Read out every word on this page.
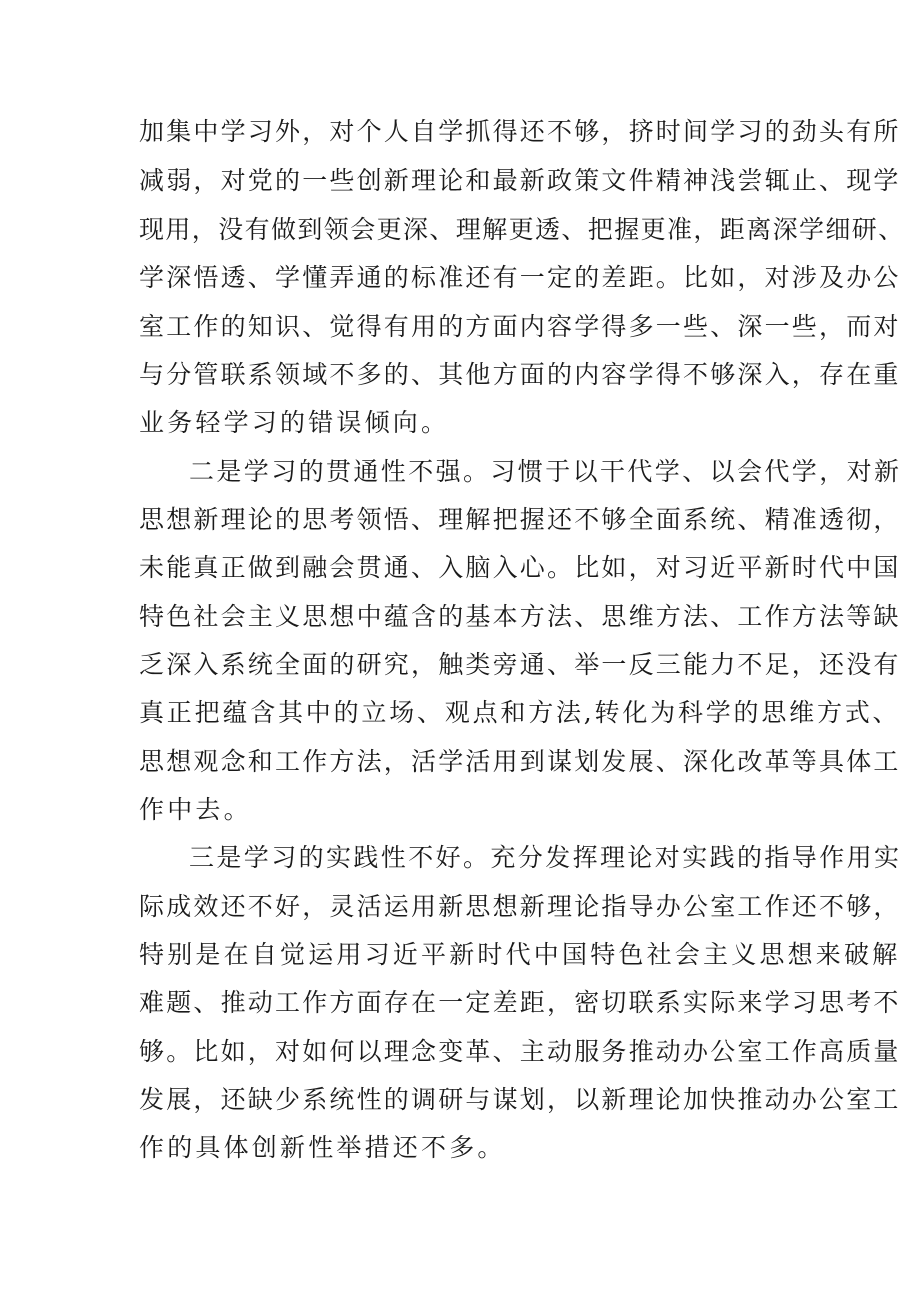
加集中学习外，对个人自学抓得还不够，挤时间学习的劲头有所

减弱，对党的一些创新理论和最新政策文件精神浅尝辄止、现学

现用，没有做到领会更深、理解更透、把握更准，距离深学细研、

学深悟透、学懂弄通的标准还有一定的差距。比如，对涉及办公

室工作的知识、觉得有用的方面内容学得多一些、深一些，而对

与分管联系领域不多的、其他方面的内容学得不够深入，存在重

业务轻学习的错误倾向。

二是学习的贯通性不强。习惯于以干代学、以会代学，对新

思想新理论的思考领悟、理解把握还不够全面系统、精准透彻，

未能真正做到融会贯通、入脑入心。比如，对习近平新时代中国

特色社会主义思想中蕴含的基本方法、思维方法、工作方法等缺

乏深入系统全面的研究，触类旁通、举一反三能力不足，还没有

真正把蕴含其中的立场、观点和方法,转化为科学的思维方式、

思想观念和工作方法，活学活用到谋划发展、深化改革等具体工

作中去。

三是学习的实践性不好。充分发挥理论对实践的指导作用实

际成效还不好，灵活运用新思想新理论指导办公室工作还不够，

特别是在自觉运用习近平新时代中国特色社会主义思想来破解

难题、推动工作方面存在一定差距，密切联系实际来学习思考不

够。比如，对如何以理念变革、主动服务推动办公室工作高质量

发展，还缺少系统性的调研与谋划，以新理论加快推动办公室工

作的具体创新性举措还不多。
